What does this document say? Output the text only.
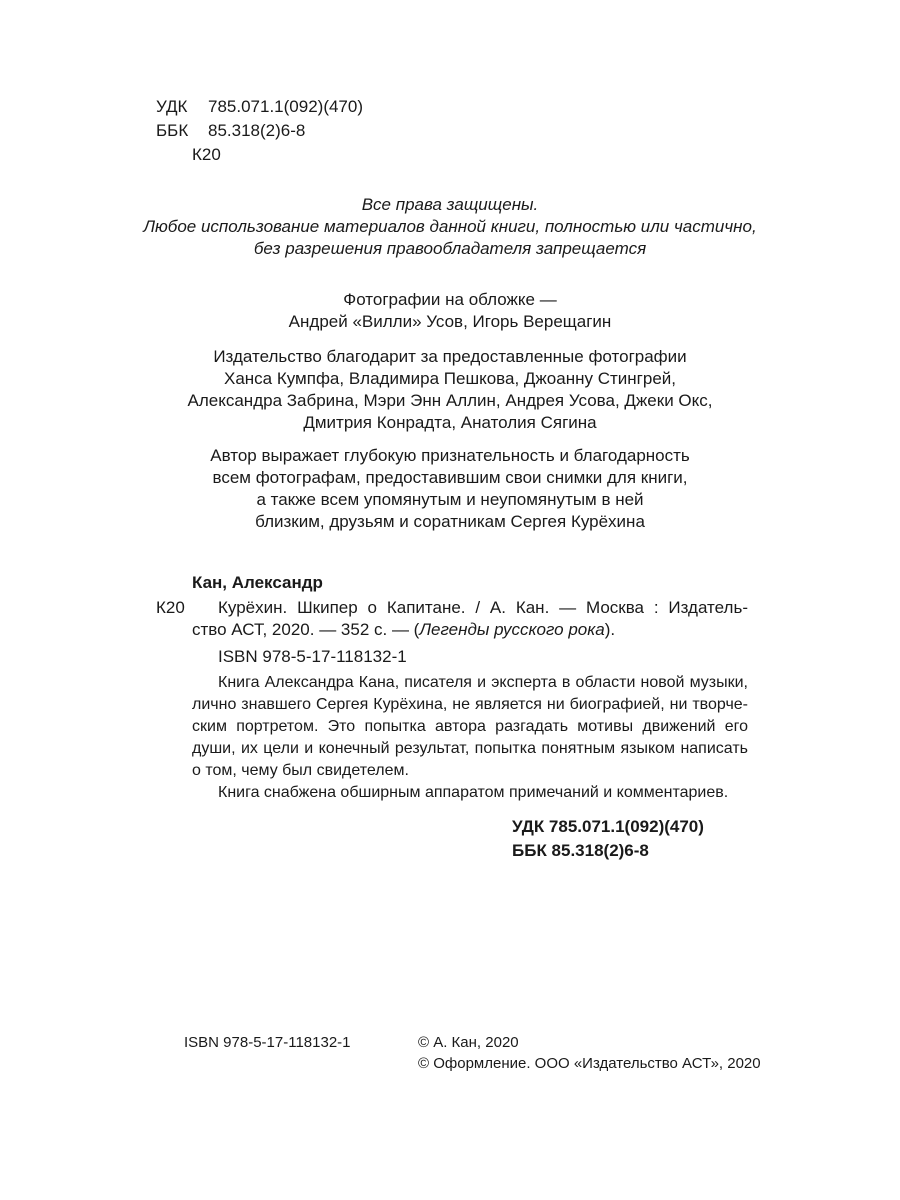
УДК 785.071.1(092)(470)
ББК 85.318(2)6-8
К20
Все права защищены.
Любое использование материалов данной книги, полностью или частично,
без разрешения правообладателя запрещается
Фотографии на обложке —
Андрей «Вилли» Усов, Игорь Верещагин
Издательство благодарит за предоставленные фотографии
Ханса Кумпфа, Владимира Пешкова, Джоанну Стингрей,
Александра Забрина, Мэри Энн Аллин, Андрея Усова, Джеки Окс,
Дмитрия Конрадта, Анатолия Сягина
Автор выражает глубокую признательность и благодарность
всем фотографам, предоставившим свои снимки для книги,
а также всем упомянутым и неупомянутым в ней
близким, друзьям и соратникам Сергея Курёхина
Кан, Александр
К20 Курёхин. Шкипер о Капитане. / А. Кан. — Москва : Издатель-
ство АСТ, 2020. — 352 с. — (Легенды русского рока).
ISBN 978-5-17-118132-1
Книга Александра Кана, писателя и эксперта в области новой музыки,
лично знавшего Сергея Курёхина, не является ни биографией, ни творче-
ским портретом. Это попытка автора разгадать мотивы движений его
души, их цели и конечный результат, попытка понятным языком написать
о том, чему был свидетелем.
Книга снабжена обширным аппаратом примечаний и комментариев.
УДК 785.071.1(092)(470)
ББК 85.318(2)6-8
ISBN 978-5-17-118132-1	© А. Кан, 2020
© Оформление. ООО «Издательство АСТ», 2020
